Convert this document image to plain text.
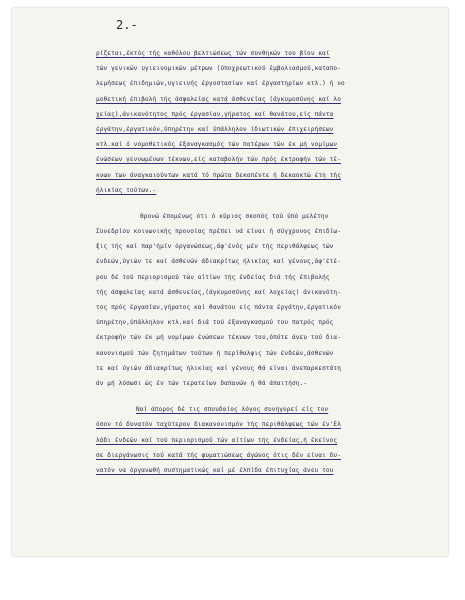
2.-
ρίζεται,έκτός τής καθόλου βελτιώσεως τών συνθηκών του βίου καί
τών γενικών υγιεινομικών μέτρων (ύποχρεωτικού έμβολιασμού,καταπο-
λεμήσεως έπιδημιών,υγιεινής έργοστασίων καί έργαστηρίων κτλ.) ή νο
μοθετική έπιβολή τής άσφαλείας κατά άσθενείας (άγκυμοσύνης καί λο
χείας),άνικανότητος πρός έργασίαν,γήρατος καί θανάτου,είς πάντα
έργάτην,έργατικόν,ύπηρέτην καί ύπάλληλον ίδιωτικών έπιχειρήσεων
κτλ.καί ό νομοθετικός έξαναγκασμός τών πατέρων τών έκ μή νομίμων
ένώσεων γεννωμένων τέκνων,είς καταβολήν τών πρός έκτροφήν τών τέ-
κνων των άναγκαιούντων κατά τό πρώτα δεκαπέντε ή δεκαοκτώ έτη τής
ήλικίας τούτων.-
Θρονώ έπομένως ότι ό κύριος σκοπός τού ύπό μελέτην
Συνεδρίου κοινωνικής προνοίας πρέπει νά είναι ή σύγχρονος έπιδίω-
ξις τής καί παρ'ήμίν όργανώσεως,άφ'ένός μέν τής περιθάλψεως τών
ένδεών,ύγιών τε καί άσθενών άδιακρίτως ήλικίας καί γένους,άφ'έτέ-
ρου δέ τού περιορισμού τών αίτίων τής ένδείας διά τής έπιβολής
τής άσφαλείας κατά άσθενείας,(άγκυμοσύνης καί λοχείας) άνικανότη-
τος πρός έργασίαν,γήρατος καί θανάτου είς πάντα έργάτην,έργατικόν
ύπηρέτην,ύπάλληλον κτλ.καί διά τού έξαναγκασμού του πατρός πρός
έκτροφήν τών έκ μή νομίμων ένώσεων τέκνων του,όπότε άνευ τού δια-
κανονισμού τών ζητημάτων τούτων ή περίθαλψις τών ένδεών,άσθενών
τε καί ύγιών άδιακρίτως ήλικίας καί γένους θά είναι άνεπαρκεστάτη
άν μή λύσωσι ώς έν τών τερατείων δαπανών ή θά άπαιτήση.-
Ναί άπορος δέ τις σπουδαίος λόγος συνηγορεί είς τον
όσον τό δυνατόν ταχύτερον διακανονισμόν τής περιθάλψεως τών έν'Ελ
λάδι ένδεών καί τού περιορισμού τών αίτίων τής ένδείας,ή έκείνος
σε διεργάνωσις τού κατά τής φυματιώσεως άγώνος ότις δέν είναι δυ-
νατόν να όργανωθή συστηματικώς καί μέ έλπίδα έπιτυχίας άνευ του
